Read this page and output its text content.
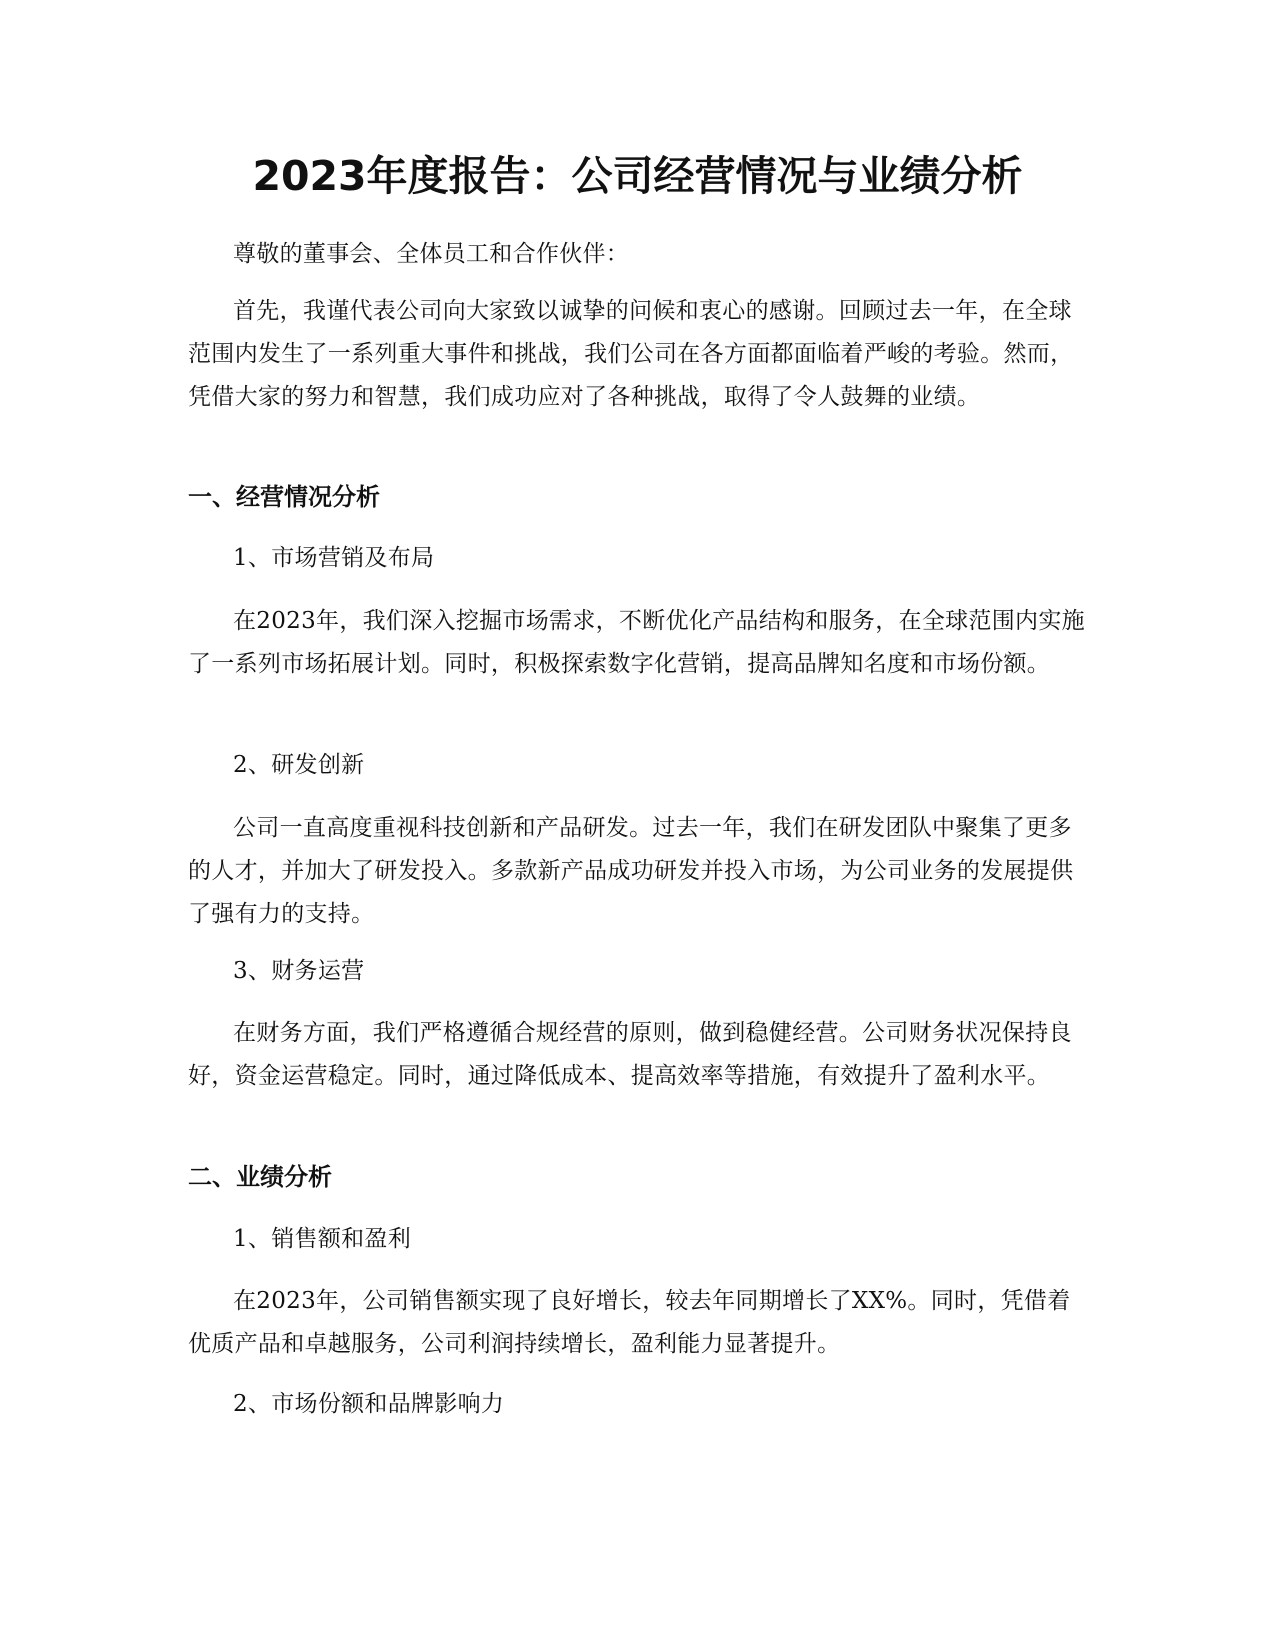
2023年度报告：公司经营情况与业绩分析

尊敬的董事会、全体员工和合作伙伴：

首先，我谨代表公司向大家致以诚挚的问候和衷心的感谢。回顾过去一年，在全球范围内发生了一系列重大事件和挑战，我们公司在各方面都面临着严峻的考验。然而，凭借大家的努力和智慧，我们成功应对了各种挑战，取得了令人鼓舞的业绩。

一、经营情况分析

1、市场营销及布局

在2023年，我们深入挖掘市场需求，不断优化产品结构和服务，在全球范围内实施了一系列市场拓展计划。同时，积极探索数字化营销，提高品牌知名度和市场份额。

2、研发创新

公司一直高度重视科技创新和产品研发。过去一年，我们在研发团队中聚集了更多的人才，并加大了研发投入。多款新产品成功研发并投入市场，为公司业务的发展提供了强有力的支持。

3、财务运营

在财务方面，我们严格遵循合规经营的原则，做到稳健经营。公司财务状况保持良好，资金运营稳定。同时，通过降低成本、提高效率等措施，有效提升了盈利水平。

二、业绩分析

1、销售额和盈利

在2023年，公司销售额实现了良好增长，较去年同期增长了XX%。同时，凭借着优质产品和卓越服务，公司利润持续增长，盈利能力显著提升。

2、市场份额和品牌影响力
